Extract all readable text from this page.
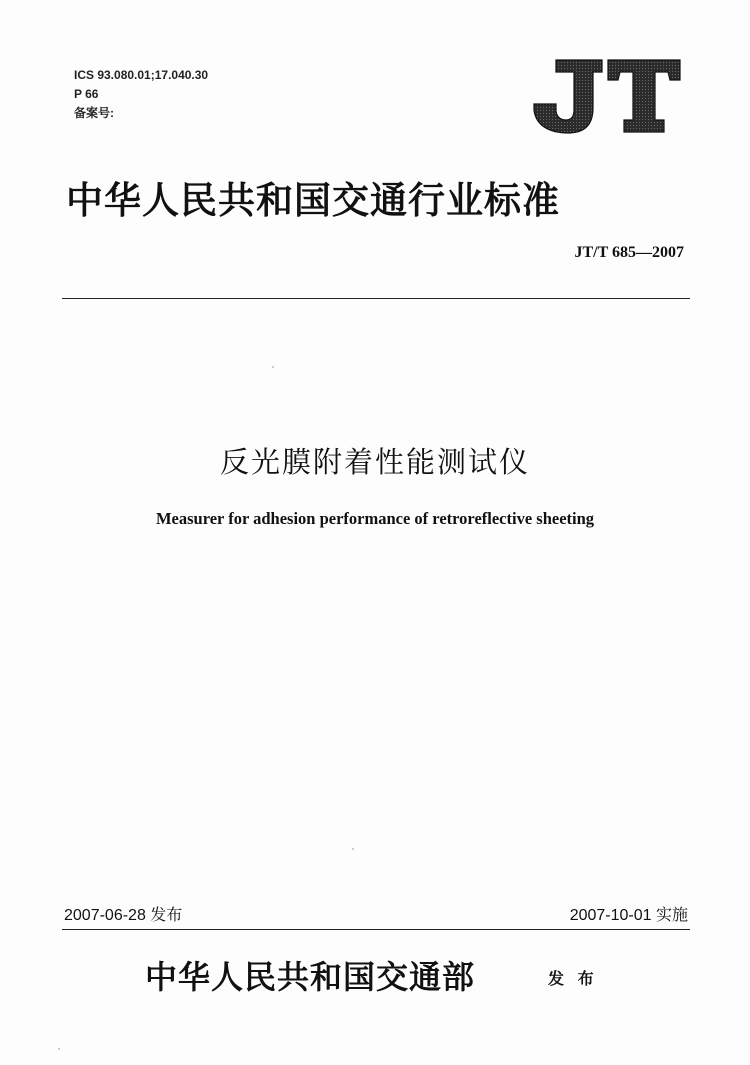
ICS 93.080.01;17.040.30
P 66
备案号:
中华人民共和国交通行业标准
JT/T 685—2007
反光膜附着性能测试仪
Measurer for adhesion performance of retroreflective sheeting
2007-06-28 发布	2007-10-01 实施
中华人民共和国交通部	发 布
